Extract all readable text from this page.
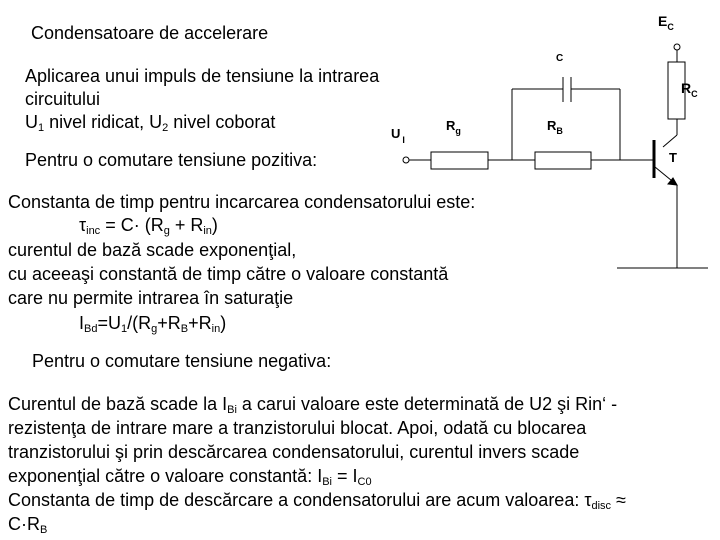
$E_C$
C
$R_C$
U $_I$
$R_g$	$R_B$
T
Condensatoare de accelerare
Aplicarea unui impuls de tensiune la intrarea
circuitului
$U_1$ nivel ridicat, $U_2$ nivel coborat
Pentru o comutare tensiune pozitiva:
Constanta de timp pentru incarcarea condensatorului este:
$\tau_{inc} = C\cdot (R_g + R_{in})$
curentul de bază scade exponenţial,
cu aceeaşi constantă de timp către o valoare constantă
care nu permite intrarea în saturaţie
$I_{Bd}=U_1/(R_g+R_B+R_{in})$
Pentru o comutare tensiune negativa:
Curentul de bază scade la $I_{Bi}$ a carui valoare este determinată de U2 şi Rin‘ -
rezistenţa de intrare mare a tranzistorului blocat. Apoi, odată cu blocarea
tranzistorului şi prin descărcarea condensatorului, curentul invers scade
exponenţial către o valoare constantă: $I_{Bi} = I_{C0}$
Constanta de timp de descărcare a condensatorului are acum valoarea: $\tau_{disc}$ ≈
$C\cdot R_B$
